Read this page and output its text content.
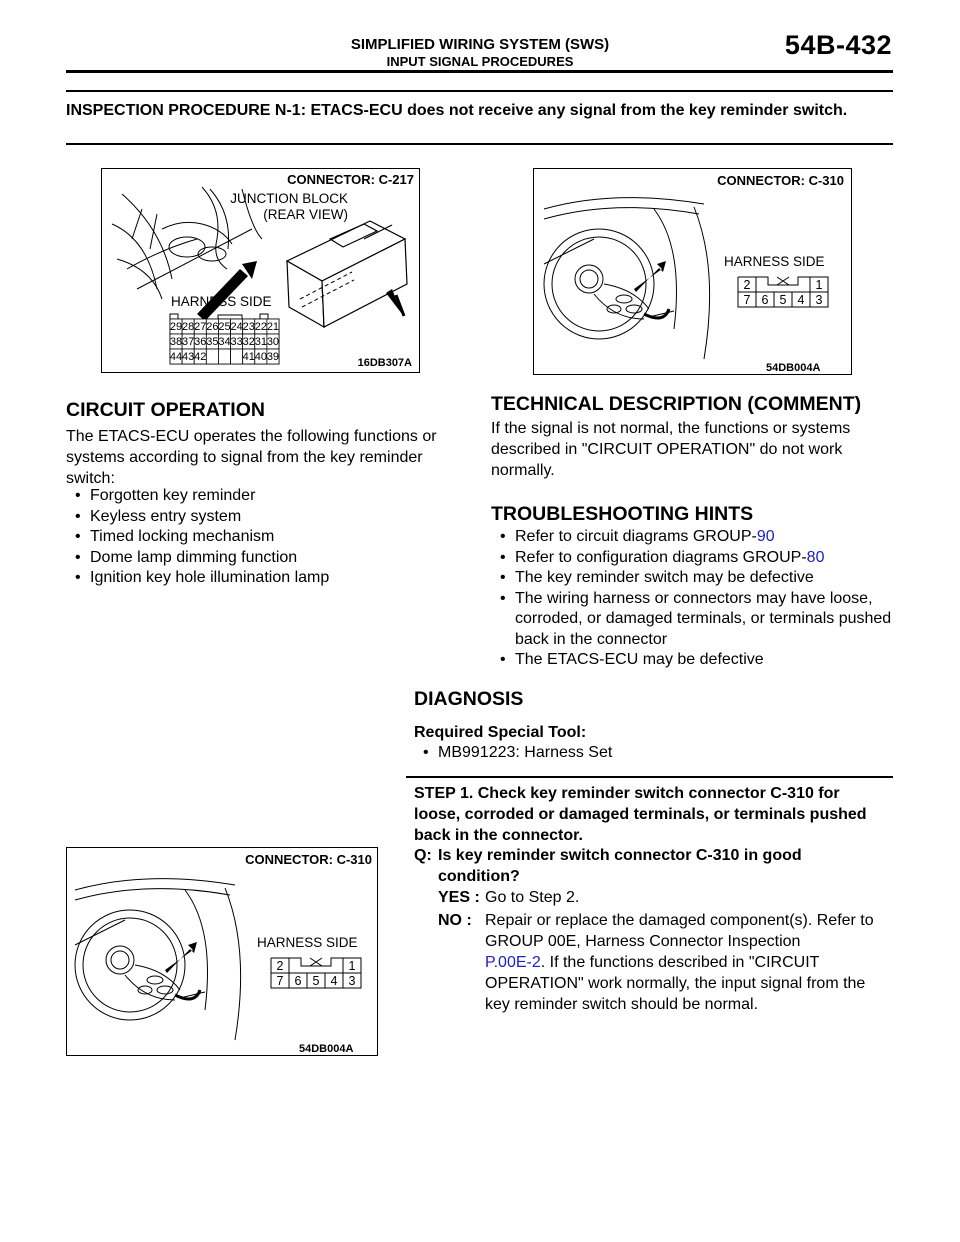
SIMPLIFIED WIRING SYSTEM (SWS)
INPUT SIGNAL PROCEDURES
54B-432
INSPECTION PROCEDURE N-1: ETACS-ECU does not receive any signal from the key reminder switch.
CONNECTOR: C-217
JUNCTION BLOCK
(REAR VIEW)
HARNESS SIDE
29 28 27 26 25 24 23 22 21
38 37 36 35 34 33 32 31 30
44 43 42	41 40 39	16DB307A
CONNECTOR: C-310
HARNESS SIDE
2	1
7 6 5 4 3
54DB004A
CIRCUIT OPERATION
The ETACS-ECU operates the following functions or systems according to signal from the key reminder switch:
• Forgotten key reminder
• Keyless entry system
• Timed locking mechanism
• Dome lamp dimming function
• Ignition key hole illumination lamp
TECHNICAL DESCRIPTION (COMMENT)
If the signal is not normal, the functions or systems described in "CIRCUIT OPERATION" do not work normally.
TROUBLESHOOTING HINTS
• Refer to circuit diagrams GROUP-90
• Refer to configuration diagrams GROUP-80
• The key reminder switch may be defective
• The wiring harness or connectors may have loose, corroded, or damaged terminals, or terminals pushed back in the connector
• The ETACS-ECU may be defective
DIAGNOSIS
Required Special Tool:
• MB991223: Harness Set
STEP 1. Check key reminder switch connector C-310 for loose, corroded or damaged terminals, or terminals pushed back in the connector.
Q: Is key reminder switch connector C-310 in good condition?
YES : Go to Step 2.
NO : Repair or replace the damaged component(s). Refer to GROUP 00E, Harness Connector Inspection
P.00E-2. If the functions described in "CIRCUIT OPERATION" work normally, the input signal from the key reminder switch should be normal.
CONNECTOR: C-310
HARNESS SIDE
2	1
7 6 5 4 3
54DB004A
